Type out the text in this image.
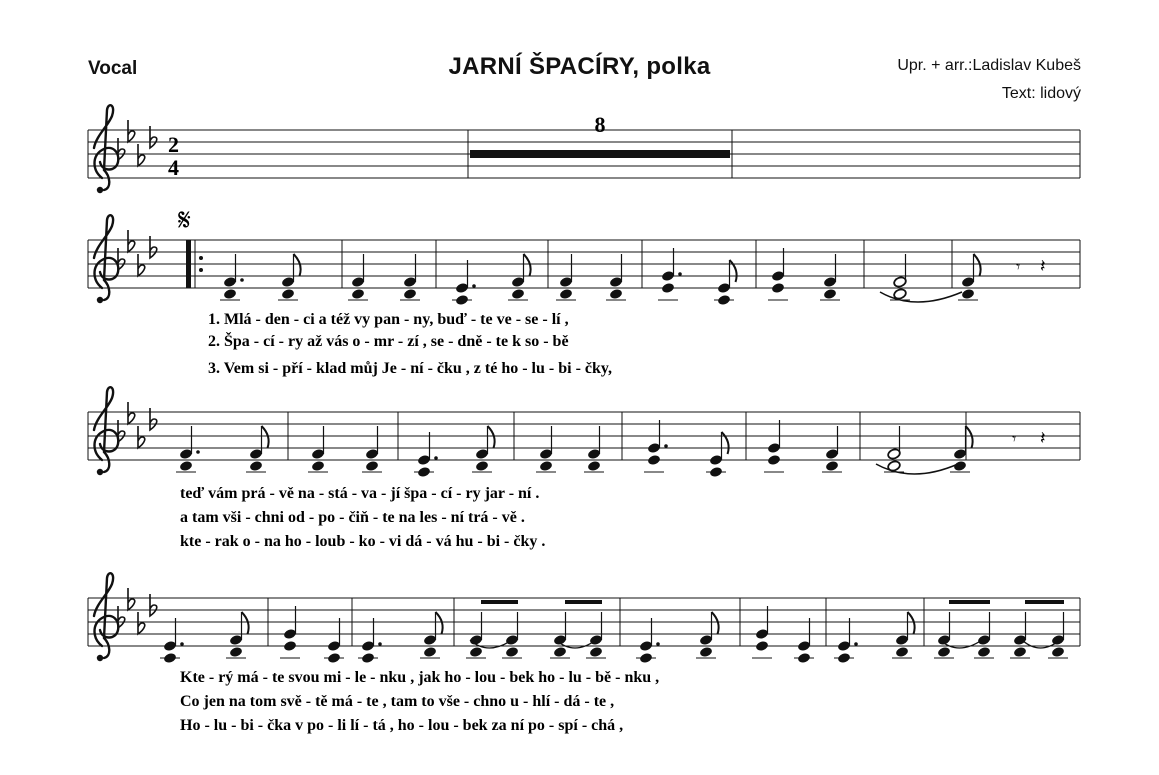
Vocal	JARNÍ ŠPACÍRY, polka	Upr. + arr.:Ladislav Kubeš
Text: lidový
2
4
8
𝄋
𝄾 𝄽
1. Mlá - den - ci a též vy pan - ny, buď - te ve - se - lí ,
2. Špa - cí - ry až vás o - mr - zí , se - dně - te k so - bě
3. Vem si - pří - klad můj Je - ní - čku , z té ho - lu - bi - čky,
𝄾 𝄽
teď vám prá - vě na - stá - va - jí špa - cí - ry jar - ní .
a tam vši - chni od - po - čiň - te na les - ní trá - vě .
kte - rak o - na ho - loub - ko - vi dá - vá hu - bi - čky .
Kte - rý má - te svou mi - le - nku , jak ho - lou - bek ho - lu - bě - nku ,
Co jen na tom svě - tě má - te , tam to vše - chno u - hlí - dá - te ,
Ho - lu - bi - čka v po - li lí - tá , ho - lou - bek za ní po - spí - chá ,
